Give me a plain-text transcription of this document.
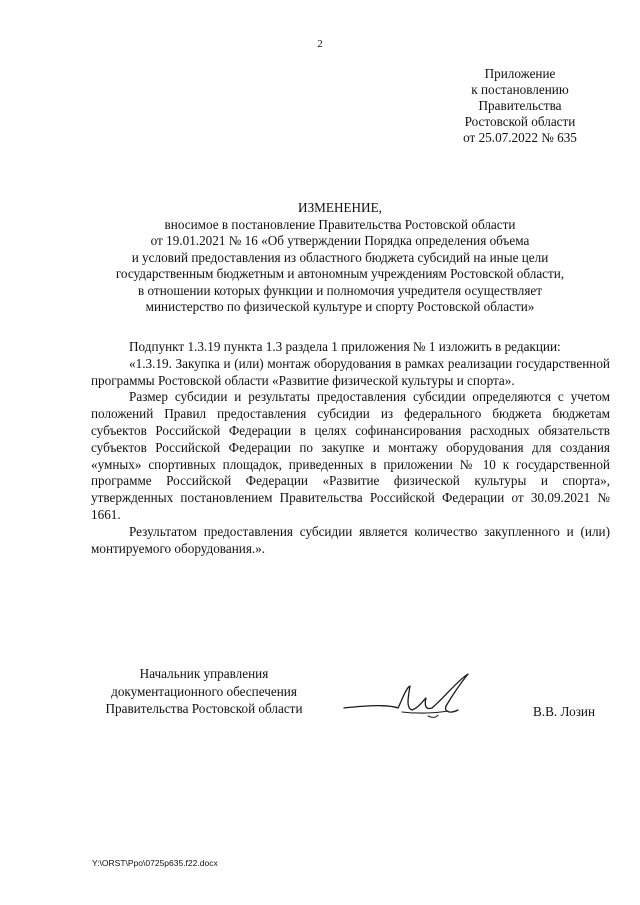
2
Приложение
к постановлению
Правительства
Ростовской области
от 25.07.2022 № 635
ИЗМЕНЕНИЕ,
вносимое в постановление Правительства Ростовской области
от 19.01.2021 № 16 «Об утверждении Порядка определения объема
и условий предоставления из областного бюджета субсидий на иные цели
государственным бюджетным и автономным учреждениям Ростовской области,
в отношении которых функции и полномочия учредителя осуществляет
министерство по физической культуре и спорту Ростовской области»

Подпункт 1.3.19 пункта 1.3 раздела 1 приложения № 1 изложить в редакции:

«1.3.19. Закупка и (или) монтаж оборудования в рамках реализации государственной программы Ростовской области «Развитие физической культуры и спорта».

Размер субсидии и результаты предоставления субсидии определяются с учетом положений Правил предоставления субсидии из федерального бюджета бюджетам субъектов Российской Федерации в целях софинансирования расходных обязательств субъектов Российской Федерации по закупке и монтажу оборудования для создания «умных» спортивных площадок, приведенных в приложении № 10 к государственной программе Российской Федерации «Развитие физической культуры и спорта», утвержденных постановлением Правительства Российской Федерации от 30.09.2021 № 1661.

Результатом предоставления субсидии является количество закупленного и (или) монтируемого оборудования.».

Начальник управления
документационного обеспечения
Правительства Ростовской области	В.В. Лозин
Y:\ORST\Ppo\0725p635.f22.docx
